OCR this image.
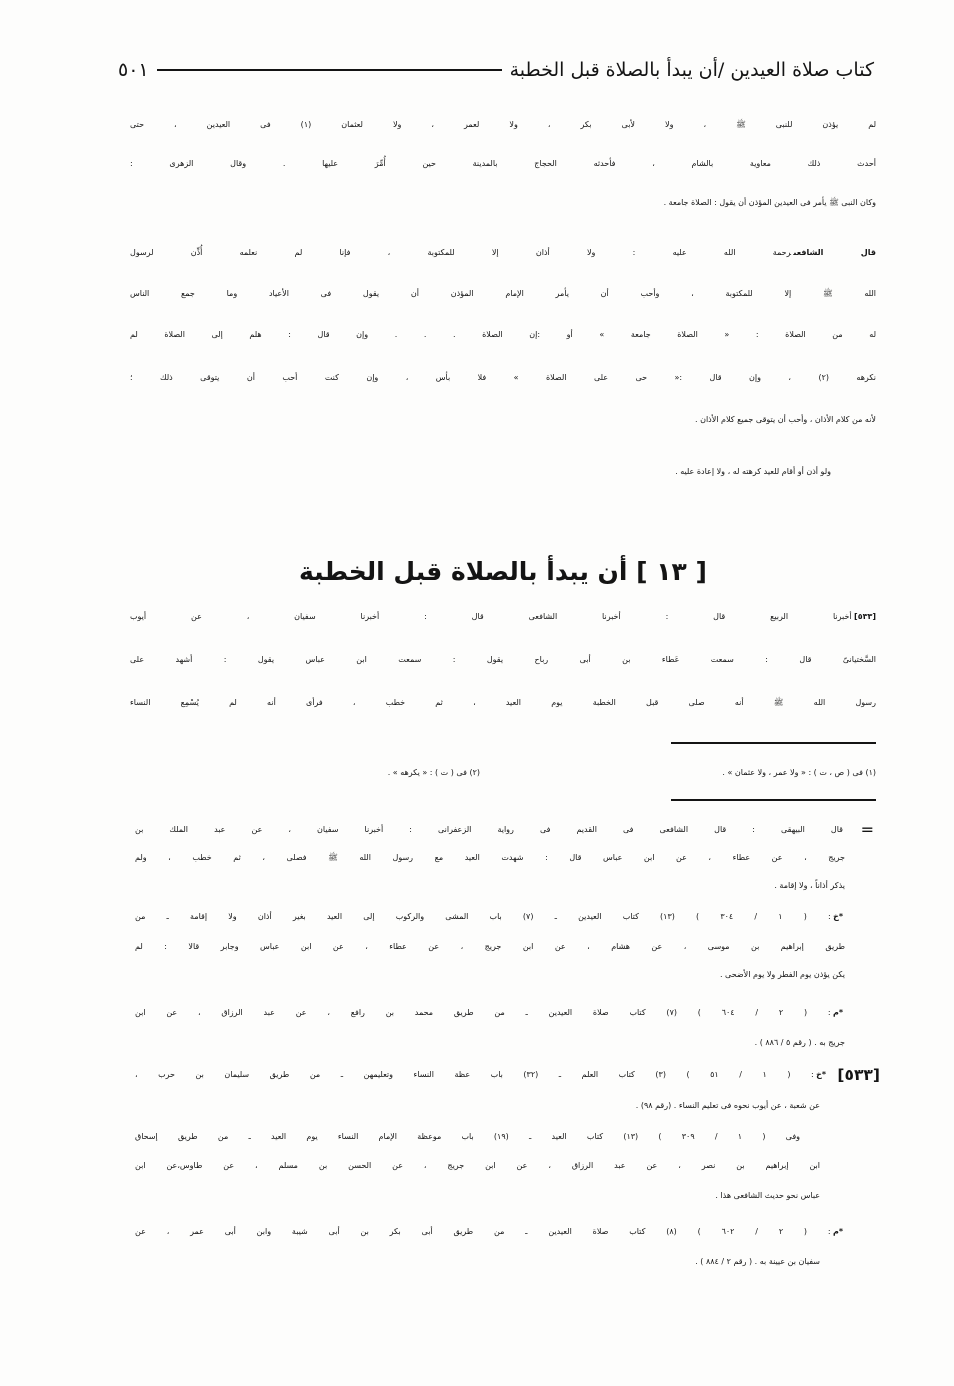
كتاب صلاة العيدين /أن يبدأ بالصلاة قبل الخطبة
٥٠١
لم يؤذن للنبى ﷺ ، ولا لأبى بكر ، ولا لعمر ، ولا لعثمان (١) فى العيدين ، حتى
أحدث ذلك معاوية بالشام ، فأحدثه الحجاج بالمدينة حين أُمِّرَ عليها . وقال الزهرى :
وكان النبى ﷺ يأمر فى العيدين المؤذن أن يقول : الصلاة جامعة .
قال الشافعىرحمة الله عليه : ولا أذان إلا للمكتوبة ، فإنا لم نعلمه أُذِّن لرسول
الله ﷺ إلا للمكتوبة ، وأحب أن يأمر الإمام المؤذن أن يقول فى الأعياد وما جمع الناس
له من الصلاة : « الصلاة جامعة » أو :إن الصلاة . . . وإن قال : هلم إلى الصلاة لم
نكرهه (٢) ، وإن قال :« حى على الصلاة » فلا بأس ، وإن كنت أحب أن يتوقى ذلك ؛
لأنه من كلام الأذان ، وأحب أن يتوقى جميع كلام الأذان .
ولو أذن أو أقام للعيد كرهته له ، ولا إعادة عليه .
[ ١٣ ] أن يبدأ بالصلاة قبل الخطبة
[٥٣٣]أخبرنا الربيع قال : أخبرنا الشافعى قال : أخبرنا سفيان ، عن أيوب
السَّختيانىّ قال : سمعت عَطاء بن أبى رباح يقول : سمعت ابن عباس يقول : أشهد على
رسول الله ﷺ أنه صلى قبل الخطبة يوم العيد ، ثم خطب ، فرأى أنه لم يُسْمِع النساء
(١) فى ( ص ، ت ) : « ولا عمر ، ولا عثمان » .
(٢) فى ( ت ) : « يكرهه » .
=
[٥٣٣]
قال البيهقى : قال الشافعى فى القديم فى رواية الزعفرانى : أخبرنا سفيان ، عن عبد الملك بن
جريج ، عن عطاء ، عن ابن عباس قال : شهدت العيد مع رسول الله ﷺ فصلى ، ثم خطب ، ولم
يذكر أذاناً ، ولا إقامة .
*خ: ( ١ / ٣٠٤ ) (١٣) كتاب العيدين ـ (٧) باب المشى والركوب إلى العيد بغير أذان ولا إقامة ـ من
طريق إبراهيم بن موسى ، عن هشام ، عن ابن جريج ، عن عطاء ، عن ابن عباس وجابر قالا : لم
يكن يؤذن يوم الفطر ولا يوم الأضحى .
*م: ( ٢ / ٦٠٤ ) (٧) كتاب صلاة العيدين ـ من طريق محمد بن رافع ، عن عبد الرزاق ، عن ابن
جريج به . ( رقم ٥ / ٨٨٦ ) .
*خ: ( ١ / ٥١ ) (٣) كتاب العلم ـ (٣٢) باب عظة النساء وتعليمهن ـ من طريق سليمان بن حرب ،
عن شعبة ، عن أيوب نحوه فى تعليم النساء . (رقم ٩٨) .
وفى ( ١ / ٣٠٩ ) (١٣) كتاب العيد ـ (١٩) باب موعظة الإمام النساء يوم العيد ـ من طريق إسحاق
ابن إبراهيم بن نصر ، عن عبد الرزاق ، عن ابن جريج ، عن الحسن بن مسلم ، عن طاوس،عن ابن
عباس نحو حديث الشافعى هذا .
*م: ( ٢ / ٦٠٢ ) (٨) كتاب صلاة العيدين ـ من طريق أبى بكر بن أبى شيبة وابن أبى عمر ، عن
سفيان بن عيينة به . ( رقم ٢ / ٨٨٤ ) .
